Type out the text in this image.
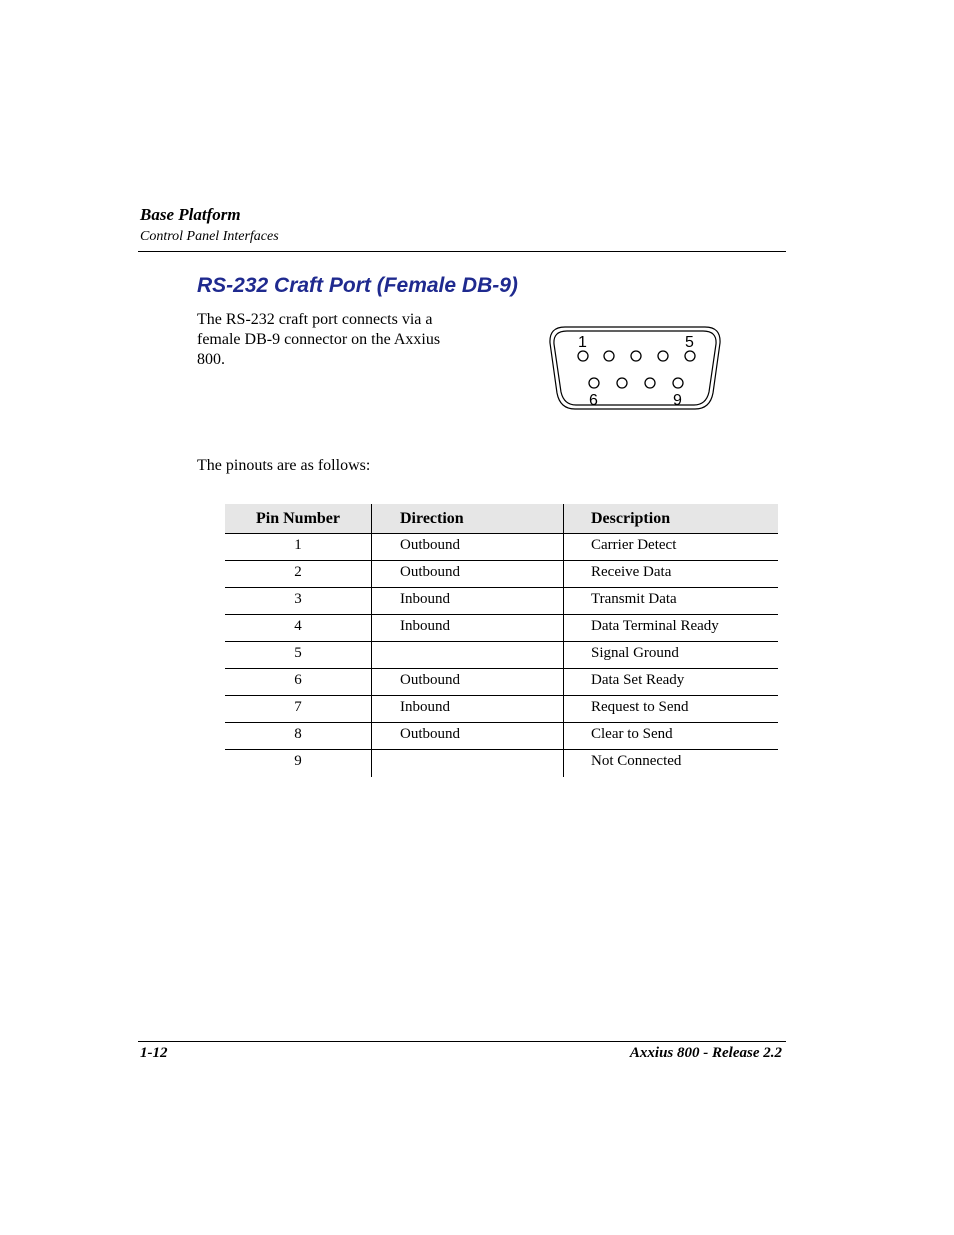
Base Platform
Control Panel Interfaces
RS-232 Craft Port (Female DB-9)
The RS-232 craft port connects via a female DB-9 connector on the Axxius 800.
1	5
6	9
The pinouts are as follows:
Pin Number	Direction	Description
1	Outbound	Carrier Detect
2	Outbound	Receive Data
3	Inbound	Transmit Data
4	Inbound	Data Terminal Ready
5		Signal Ground
6	Outbound	Data Set Ready
7	Inbound	Request to Send
8	Outbound	Clear to Send
9		Not Connected
1-12	Axxius 800 - Release 2.2
